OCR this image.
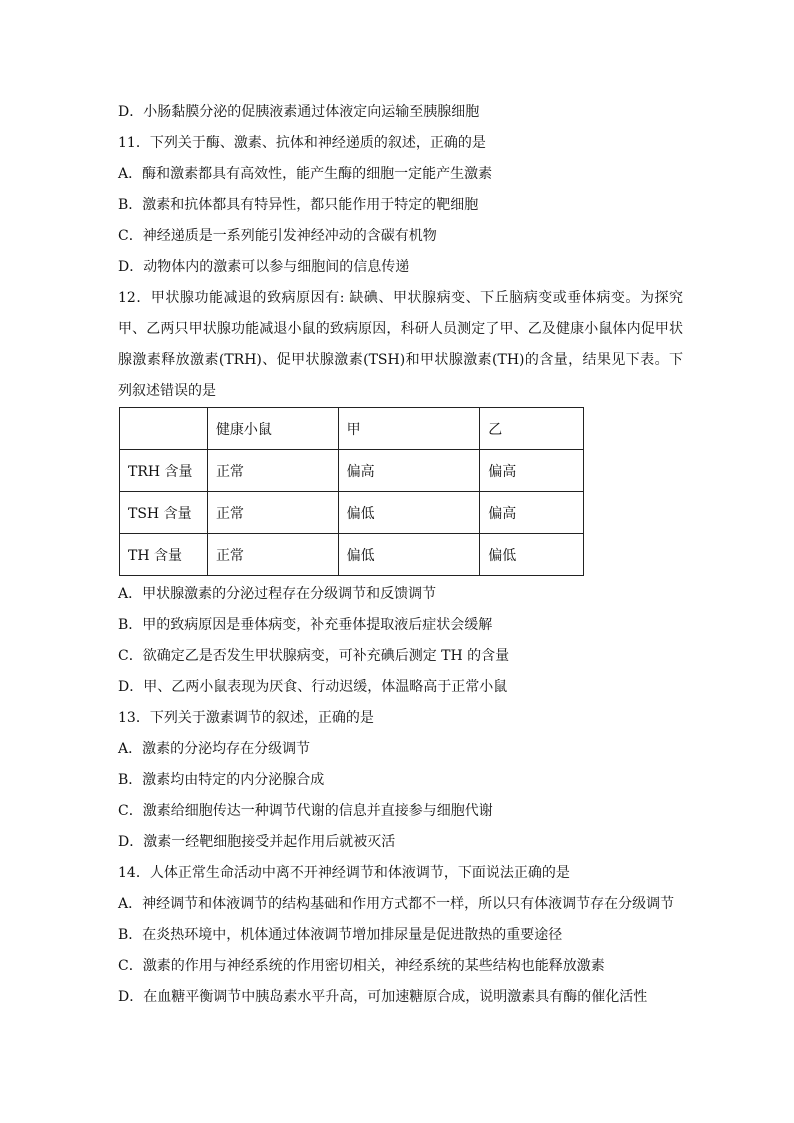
D．小肠黏膜分泌的促胰液素通过体液定向运输至胰腺细胞
11．下列关于酶、激素、抗体和神经递质的叙述，正确的是
A．酶和激素都具有高效性，能产生酶的细胞一定能产生激素
B．激素和抗体都具有特异性，都只能作用于特定的靶细胞
C．神经递质是一系列能引发神经冲动的含碳有机物
D．动物体内的激素可以参与细胞间的信息传递
12．甲状腺功能减退的致病原因有: 缺碘、甲状腺病变、下丘脑病变或垂体病变。为探究甲、乙两只甲状腺功能减退小鼠的致病原因，科研人员测定了甲、乙及健康小鼠体内促甲状腺激素释放激素(TRH)、促甲状腺激素(TSH)和甲状腺激素(TH)的含量，结果见下表。下列叙述错误的是
	健康小鼠	甲	乙
TRH 含量	正常	偏高	偏高
TSH 含量	正常	偏低	偏高
TH 含量	正常	偏低	偏低
A．甲状腺激素的分泌过程存在分级调节和反馈调节
B．甲的致病原因是垂体病变，补充垂体提取液后症状会缓解
C．欲确定乙是否发生甲状腺病变，可补充碘后测定 TH 的含量
D．甲、乙两小鼠表现为厌食、行动迟缓，体温略高于正常小鼠
13．下列关于激素调节的叙述，正确的是
A．激素的分泌均存在分级调节
B．激素均由特定的内分泌腺合成
C．激素给细胞传达一种调节代谢的信息并直接参与细胞代谢
D．激素一经靶细胞接受并起作用后就被灭活
14．人体正常生命活动中离不开神经调节和体液调节，下面说法正确的是
A．神经调节和体液调节的结构基础和作用方式都不一样，所以只有体液调节存在分级调节
B．在炎热环境中，机体通过体液调节增加排尿量是促进散热的重要途径
C．激素的作用与神经系统的作用密切相关，神经系统的某些结构也能释放激素
D．在血糖平衡调节中胰岛素水平升高，可加速糖原合成，说明激素具有酶的催化活性
